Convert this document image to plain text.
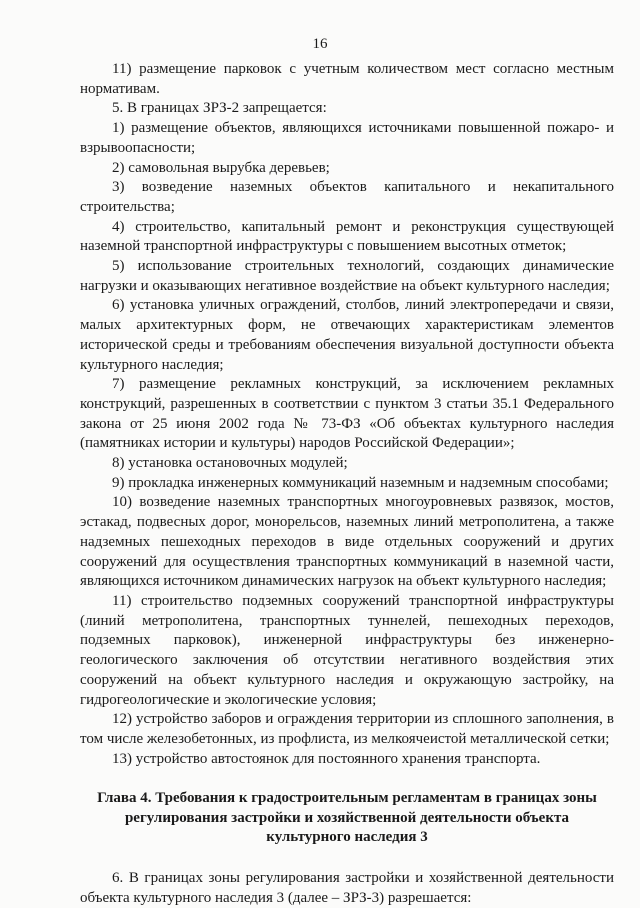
16

11) размещение парковок с учетным количеством мест согласно местным нормативам.

5. В границах ЗРЗ-2 запрещается:

1) размещение объектов, являющихся источниками повышенной пожаро- и взрывоопасности;

2) самовольная вырубка деревьев;

3) возведение наземных объектов капитального и некапитального строительства;

4) строительство, капитальный ремонт и реконструкция существующей наземной транспортной инфраструктуры с повышением высотных отметок;

5) использование строительных технологий, создающих динамические нагрузки и оказывающих негативное воздействие на объект культурного наследия;

6) установка уличных ограждений, столбов, линий электропередачи и связи, малых архитектурных форм, не отвечающих характеристикам элементов исторической среды и требованиям обеспечения визуальной доступности объекта культурного наследия;

7) размещение рекламных конструкций, за исключением рекламных конструкций, разрешенных в соответствии с пунктом 3 статьи 35.1 Федерального закона от 25 июня 2002 года № 73-ФЗ «Об объектах культурного наследия (памятниках истории и культуры) народов Российской Федерации»;

8) установка остановочных модулей;

9) прокладка инженерных коммуникаций наземным и надземным способами;

10) возведение наземных транспортных многоуровневых развязок, мостов, эстакад, подвесных дорог, монорельсов, наземных линий метрополитена, а также надземных пешеходных переходов в виде отдельных сооружений и других сооружений для осуществления транспортных коммуникаций в наземной части, являющихся источником динамических нагрузок на объект культурного наследия;

11) строительство подземных сооружений транспортной инфраструктуры (линий метрополитена, транспортных туннелей, пешеходных переходов, подземных парковок), инженерной инфраструктуры без инженерно-геологического заключения об отсутствии негативного воздействия этих сооружений на объект культурного наследия и окружающую застройку, на гидрогеологические и экологические условия;

12) устройство заборов и ограждения территории из сплошного заполнения, в том числе железобетонных, из профлиста, из мелкоячеистой металлической сетки;

13) устройство автостоянок для постоянного хранения транспорта.

Глава 4. Требования к градостроительным регламентам в границах зоны регулирования застройки и хозяйственной деятельности объекта культурного наследия 3

6. В границах зоны регулирования застройки и хозяйственной деятельности объекта культурного наследия 3 (далее – ЗРЗ-3) разрешается:
